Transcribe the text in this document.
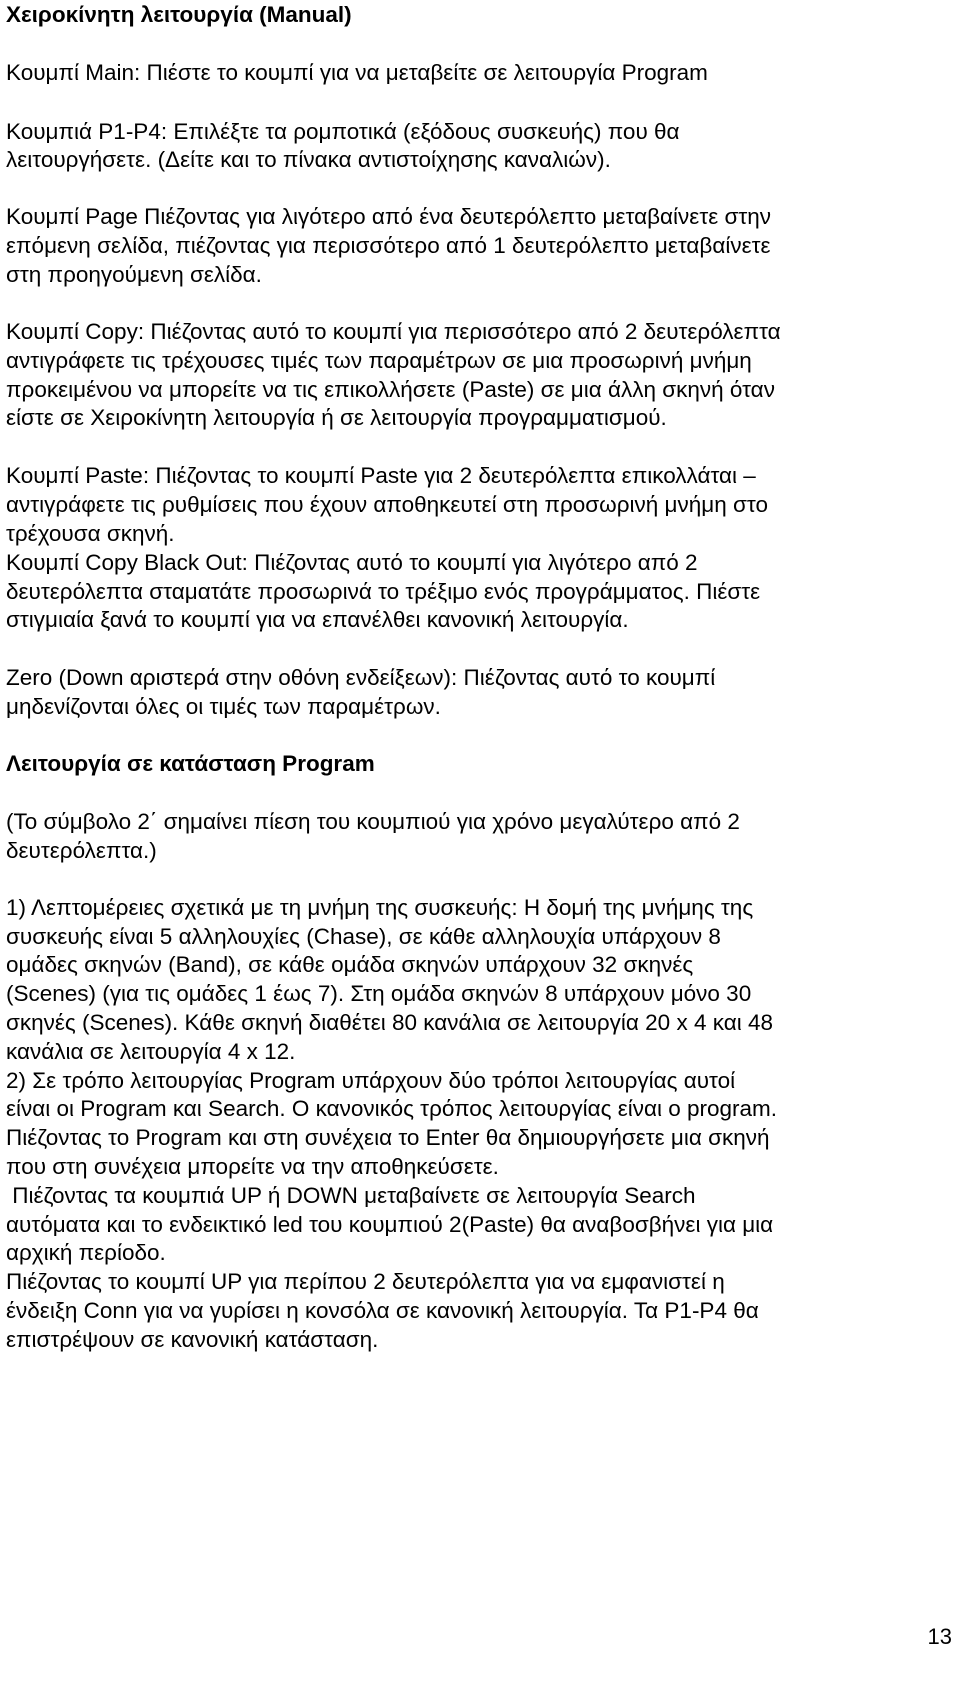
Χειροκίνητη λειτουργία (Manual)
Κουμπί Main: Πιέστε το κουμπί για να μεταβείτε σε λειτουργία Program
Κουμπιά P1-P4: Επιλέξτε τα ρομποτικά (εξόδους συσκευής) που θα
λειτουργήσετε. (Δείτε και το πίνακα αντιστοίχησης καναλιών).
Κουμπί Page Πιέζοντας για λιγότερο από ένα δευτερόλεπτο μεταβαίνετε στην
επόμενη σελίδα, πιέζοντας για περισσότερο από 1 δευτερόλεπτο μεταβαίνετε
στη προηγούμενη σελίδα.
Κουμπί Copy: Πιέζοντας αυτό το κουμπί για περισσότερο από 2 δευτερόλεπτα
αντιγράφετε τις τρέχουσες τιμές των παραμέτρων σε μια προσωρινή μνήμη
προκειμένου να μπορείτε να τις επικολλήσετε (Paste) σε μια άλλη σκηνή όταν
είστε σε Χειροκίνητη λειτουργία ή σε λειτουργία προγραμματισμού.
Κουμπί Paste: Πιέζοντας το κουμπί Paste για 2 δευτερόλεπτα επικολλάται –
αντιγράφετε τις ρυθμίσεις που έχουν αποθηκευτεί στη προσωρινή μνήμη στο
τρέχουσα σκηνή.
Κουμπί Copy Black Out: Πιέζοντας αυτό το κουμπί για λιγότερο από 2
δευτερόλεπτα σταματάτε προσωρινά το τρέξιμο ενός προγράμματος. Πιέστε
στιγμιαία ξανά το κουμπί για να επανέλθει κανονική λειτουργία.
Zero (Down αριστερά στην οθόνη ενδείξεων): Πιέζοντας αυτό το κουμπί
μηδενίζονται όλες οι τιμές των παραμέτρων.
Λειτουργία σε κατάσταση Program
(Το σύμβολο 2΄ σημαίνει πίεση του κουμπιού για χρόνο μεγαλύτερο από 2
δευτερόλεπτα.)
1) Λεπτομέρειες σχετικά με τη μνήμη της συσκευής: Η δομή της μνήμης της
συσκευής είναι 5 αλληλουχίες (Chase), σε κάθε αλληλουχία υπάρχουν 8
ομάδες σκηνών (Band), σε κάθε ομάδα σκηνών υπάρχουν 32 σκηνές
(Scenes) (για τις ομάδες 1 έως 7). Στη ομάδα σκηνών 8 υπάρχουν μόνο 30
σκηνές (Scenes). Κάθε σκηνή διαθέτει 80 κανάλια σε λειτουργία 20 x 4 και 48
κανάλια σε λειτουργία 4 x 12.
2) Σε τρόπο λειτουργίας Program υπάρχουν δύο τρόποι λειτουργίας αυτοί
είναι οι Program και Search. Ο κανονικός τρόπος λειτουργίας είναι ο program.
Πιέζοντας το Program και στη συνέχεια το Enter θα δημιουργήσετε μια σκηνή
που στη συνέχεια μπορείτε να την αποθηκεύσετε.
Πιέζοντας τα κουμπιά UP ή DOWN μεταβαίνετε σε λειτουργία Search
αυτόματα και το ενδεικτικό led του κουμπιού 2(Paste) θα αναβοσβήνει για μια
αρχική περίοδο.
Πιέζοντας το κουμπί UP για περίπου 2 δευτερόλεπτα για να εμφανιστεί η
ένδειξη Conn για να γυρίσει η κονσόλα σε κανονική λειτουργία. Τα P1-P4 θα
επιστρέψουν σε κανονική κατάσταση.
13
